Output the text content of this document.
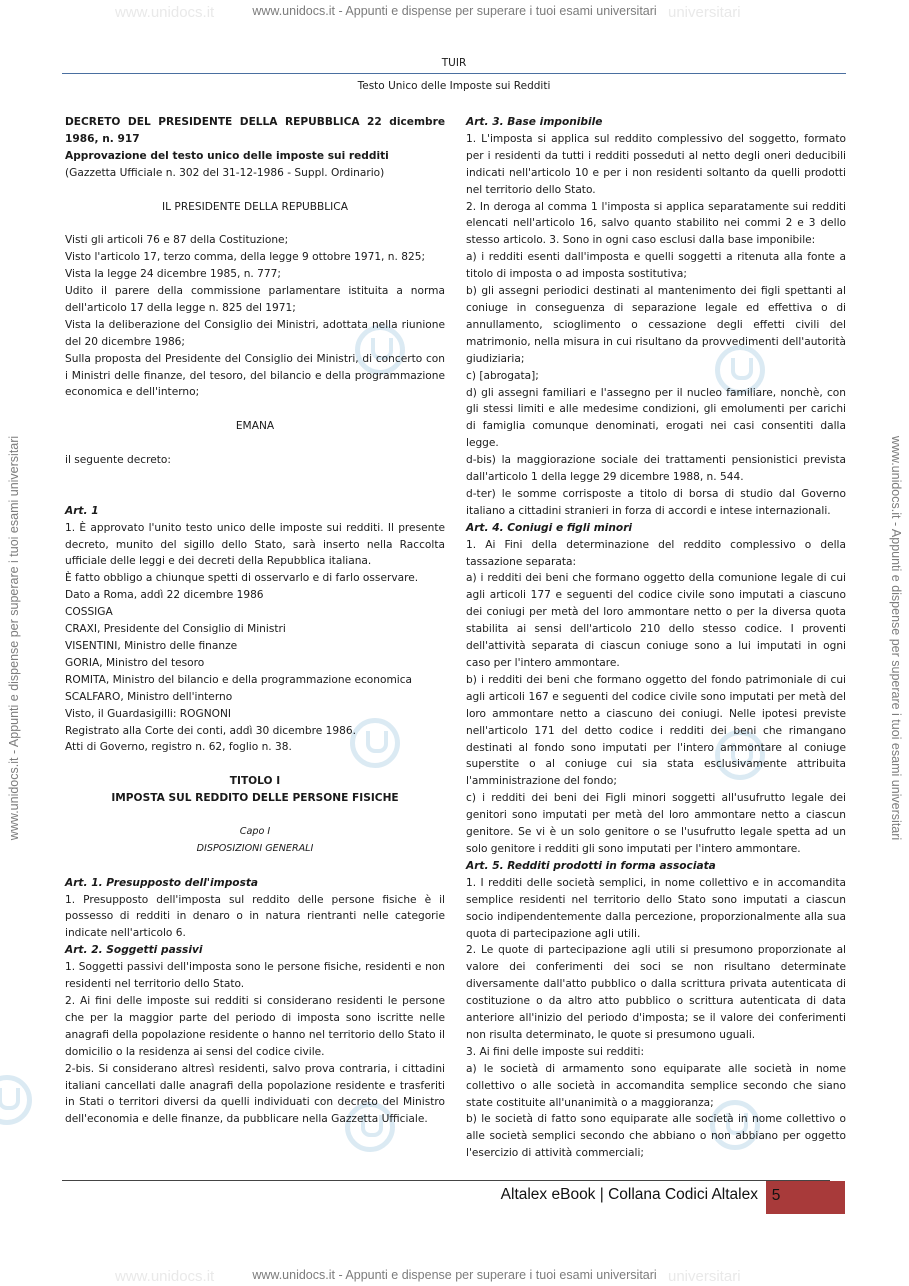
www.unidocs.it	universitari
www.unidocs.it - Appunti e dispense per superare i tuoi esami universitari
www.unidocs.it	universitari
www.unidocs.it - Appunti e dispense per superare i tuoi esami universitari
www.unidocs.it - Appunti e dispense per superare i tuoi esami universitari	www.unidocs.it - Appunti e dispense per superare i tuoi esami universitari
TUIR
Testo Unico delle Imposte sui Redditi

DECRETO DEL PRESIDENTE DELLA REPUBBLICA 22 dicembre 1986, n. 917

Approvazione del testo unico delle imposte sui redditi

(Gazzetta Ufficiale n. 302 del 31-12-1986 - Suppl. Ordinario)

IL PRESIDENTE DELLA REPUBBLICA

Visti gli articoli 76 e 87 della Costituzione;

Visto l'articolo 17, terzo comma, della legge 9 ottobre 1971, n. 825;

Vista la legge 24 dicembre 1985, n. 777;

Udito il parere della commissione parlamentare istituita a norma dell'articolo 17 della legge n. 825 del 1971;

Vista la deliberazione del Consiglio dei Ministri, adottata nella riunione del 20 dicembre 1986;

Sulla proposta del Presidente del Consiglio dei Ministri, di concerto con i Ministri delle finanze, del tesoro, del bilancio e della programmazione economica e dell'interno;

EMANA

il seguente decreto:

Art. 1

1. È approvato l'unito testo unico delle imposte sui redditi. Il presente decreto, munito del sigillo dello Stato, sarà inserto nella Raccolta ufficiale delle leggi e dei decreti della Repubblica italiana.

È fatto obbligo a chiunque spetti di osservarlo e di farlo osservare.

Dato a Roma, addì 22 dicembre 1986

COSSIGA

CRAXI, Presidente del Consiglio di Ministri

VISENTINI, Ministro delle finanze

GORIA, Ministro del tesoro

ROMITA, Ministro del bilancio e della programmazione economica

SCALFARO, Ministro dell'interno

Visto, il Guardasigilli: ROGNONI

Registrato alla Corte dei conti, addì 30 dicembre 1986.

Atti di Governo, registro n. 62, foglio n. 38.

TITOLO I

IMPOSTA SUL REDDITO DELLE PERSONE FISICHE

Capo I

DISPOSIZIONI GENERALI

Art. 1. Presupposto dell'imposta

1. Presupposto dell'imposta sul reddito delle persone fisiche è il possesso di redditi in denaro o in natura rientranti nelle categorie indicate nell'articolo 6.

Art. 2. Soggetti passivi

1. Soggetti passivi dell'imposta sono le persone fisiche, residenti e non residenti nel territorio dello Stato.

2. Ai fini delle imposte sui redditi si considerano residenti le persone che per la maggior parte del periodo di imposta sono iscritte nelle anagrafi della popolazione residente o hanno nel territorio dello Stato il domicilio o la residenza ai sensi del codice civile.

2-bis. Si considerano altresì residenti, salvo prova contraria, i cittadini italiani cancellati dalle anagrafi della popolazione residente e trasferiti in Stati o territori diversi da quelli individuati con decreto del Ministro dell'economia e delle finanze, da pubblicare nella Gazzetta Ufficiale.

Art. 3. Base imponibile

1. L'imposta si applica sul reddito complessivo del soggetto, formato per i residenti da tutti i redditi posseduti al netto degli oneri deducibili indicati nell'articolo 10 e per i non residenti soltanto da quelli prodotti nel territorio dello Stato.

2. In deroga al comma 1 l'imposta si applica separatamente sui redditi elencati nell'articolo 16, salvo quanto stabilito nei commi 2 e 3 dello stesso articolo. 3. Sono in ogni caso esclusi dalla base imponibile:

a) i redditi esenti dall'imposta e quelli soggetti a ritenuta alla fonte a titolo di imposta o ad imposta sostitutiva;

b) gli assegni periodici destinati al mantenimento dei figli spettanti al coniuge in conseguenza di separazione legale ed effettiva o di annullamento, scioglimento o cessazione degli effetti civili del matrimonio, nella misura in cui risultano da provvedimenti dell'autorità giudiziaria;

c) [abrogata];

d) gli assegni familiari e l'assegno per il nucleo familiare, nonchè, con gli stessi limiti e alle medesime condizioni, gli emolumenti per carichi di famiglia comunque denominati, erogati nei casi consentiti dalla legge.

d-bis) la maggiorazione sociale dei trattamenti pensionistici prevista dall'articolo 1 della legge 29 dicembre 1988, n. 544.

d-ter) le somme corrisposte a titolo di borsa di studio dal Governo italiano a cittadini stranieri in forza di accordi e intese internazionali.

Art. 4. Coniugi e figli minori

1. Ai Fini della determinazione del reddito complessivo o della tassazione separata:

a) i redditi dei beni che formano oggetto della comunione legale di cui agli articoli 177 e seguenti del codice civile sono imputati a ciascuno dei coniugi per metà del loro ammontare netto o per la diversa quota stabilita ai sensi dell'articolo 210 dello stesso codice. I proventi dell'attività separata di ciascun coniuge sono a lui imputati in ogni caso per l'intero ammontare.

b) i redditi dei beni che formano oggetto del fondo patrimoniale di cui agli articoli 167 e seguenti del codice civile sono imputati per metà del loro ammontare netto a ciascuno dei coniugi. Nelle ipotesi previste nell'articolo 171 del detto codice i redditi dei beni che rimangano destinati al fondo sono imputati per l'intero ammontare al coniuge superstite o al coniuge cui sia stata esclusivamente attribuita l'amministrazione del fondo;

c) i redditi dei beni dei Figli minori soggetti all'usufrutto legale dei genitori sono imputati per metà del loro ammontare netto a ciascun genitore. Se vi è un solo genitore o se l'usufrutto legale spetta ad un solo genitore i redditi gli sono imputati per l'intero ammontare.

Art. 5. Redditi prodotti in forma associata

1. I redditi delle società semplici, in nome collettivo e in accomandita semplice residenti nel territorio dello Stato sono imputati a ciascun socio indipendentemente dalla percezione, proporzionalmente alla sua quota di partecipazione agli utili.

2. Le quote di partecipazione agli utili si presumono proporzionate al valore dei conferimenti dei soci se non risultano determinate diversamente dall'atto pubblico o dalla scrittura privata autenticata di costituzione o da altro atto pubblico o scrittura autenticata di data anteriore all'inizio del periodo d'imposta; se il valore dei conferimenti non risulta determinato, le quote si presumono uguali.

3. Ai fini delle imposte sui redditi:

a) le società di armamento sono equiparate alle società in nome collettivo o alle società in accomandita semplice secondo che siano state costituite all'unanimità o a maggioranza;

b) le società di fatto sono equiparate alle società in nome collettivo o alle società semplici secondo che abbiano o non abbiano per oggetto l'esercizio di attività commerciali;

Altalex eBook | Collana Codici Altalex 5
